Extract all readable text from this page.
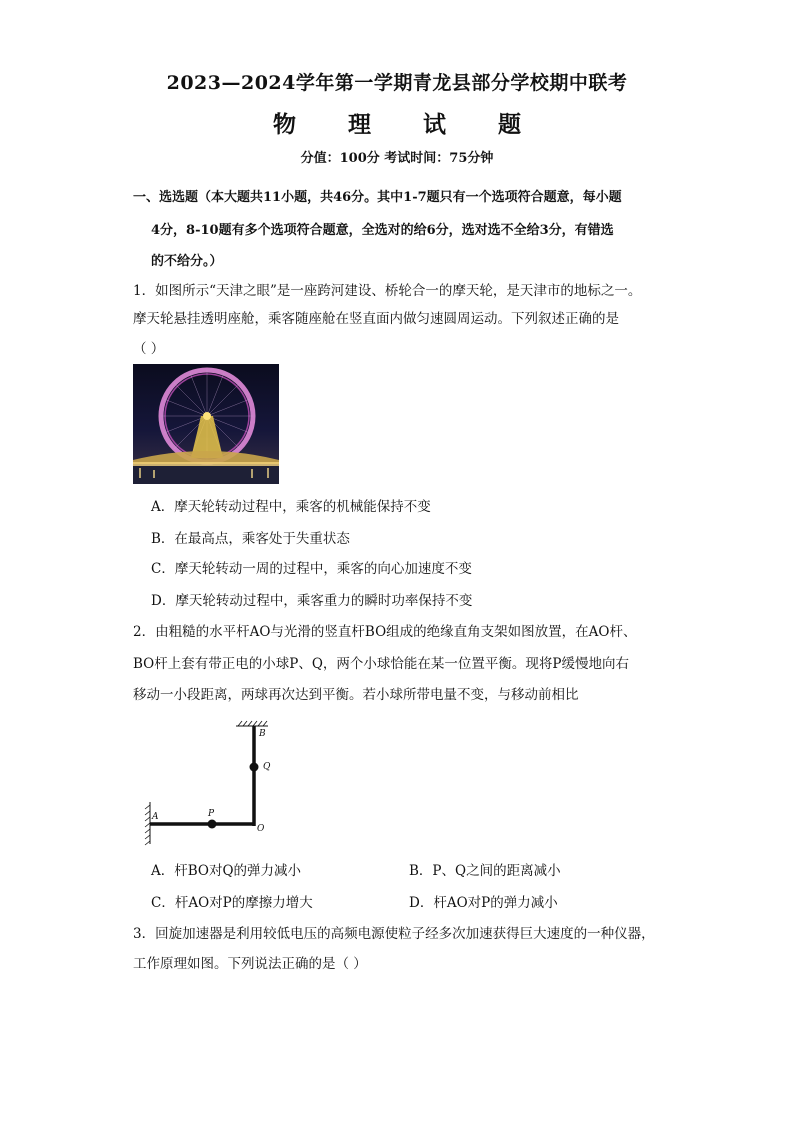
2023—2024学年第一学期青龙县部分学校期中联考
物 理 试 题
分值：100分 考试时间：75分钟
一、选选题（本大题共11小题，共46分。其中1-7题只有一个选项符合题意，每小题
4分，8-10题有多个选项符合题意，全选对的给6分，选对选不全给3分，有错选
的不给分。）
1．如图所示“天津之眼”是一座跨河建设、桥轮合一的摩天轮，是天津市的地标之一。
摩天轮悬挂透明座舱，乘客随座舱在竖直面内做匀速圆周运动。下列叙述正确的是
（ ）
A．摩天轮转动过程中，乘客的机械能保持不变
B．在最高点，乘客处于失重状态
C．摩天轮转动一周的过程中，乘客的向心加速度不变
D．摩天轮转动过程中，乘客重力的瞬时功率保持不变
2．由粗糙的水平杆AO与光滑的竖直杆BO组成的绝缘直角支架如图放置，在AO杆、
BO杆上套有带正电的小球P、Q，两个小球恰能在某一位置平衡。现将P缓慢地向右
移动一小段距离，两球再次达到平衡。若小球所带电量不变，与移动前相比
B
Q
A	P
O
A．杆BO对Q的弹力减小	B．P、Q之间的距离减小
C．杆AO对P的摩擦力增大	D．杆AO对P的弹力减小
3．回旋加速器是利用较低电压的高频电源使粒子经多次加速获得巨大速度的一种仪器，
工作原理如图。下列说法正确的是（ ）
